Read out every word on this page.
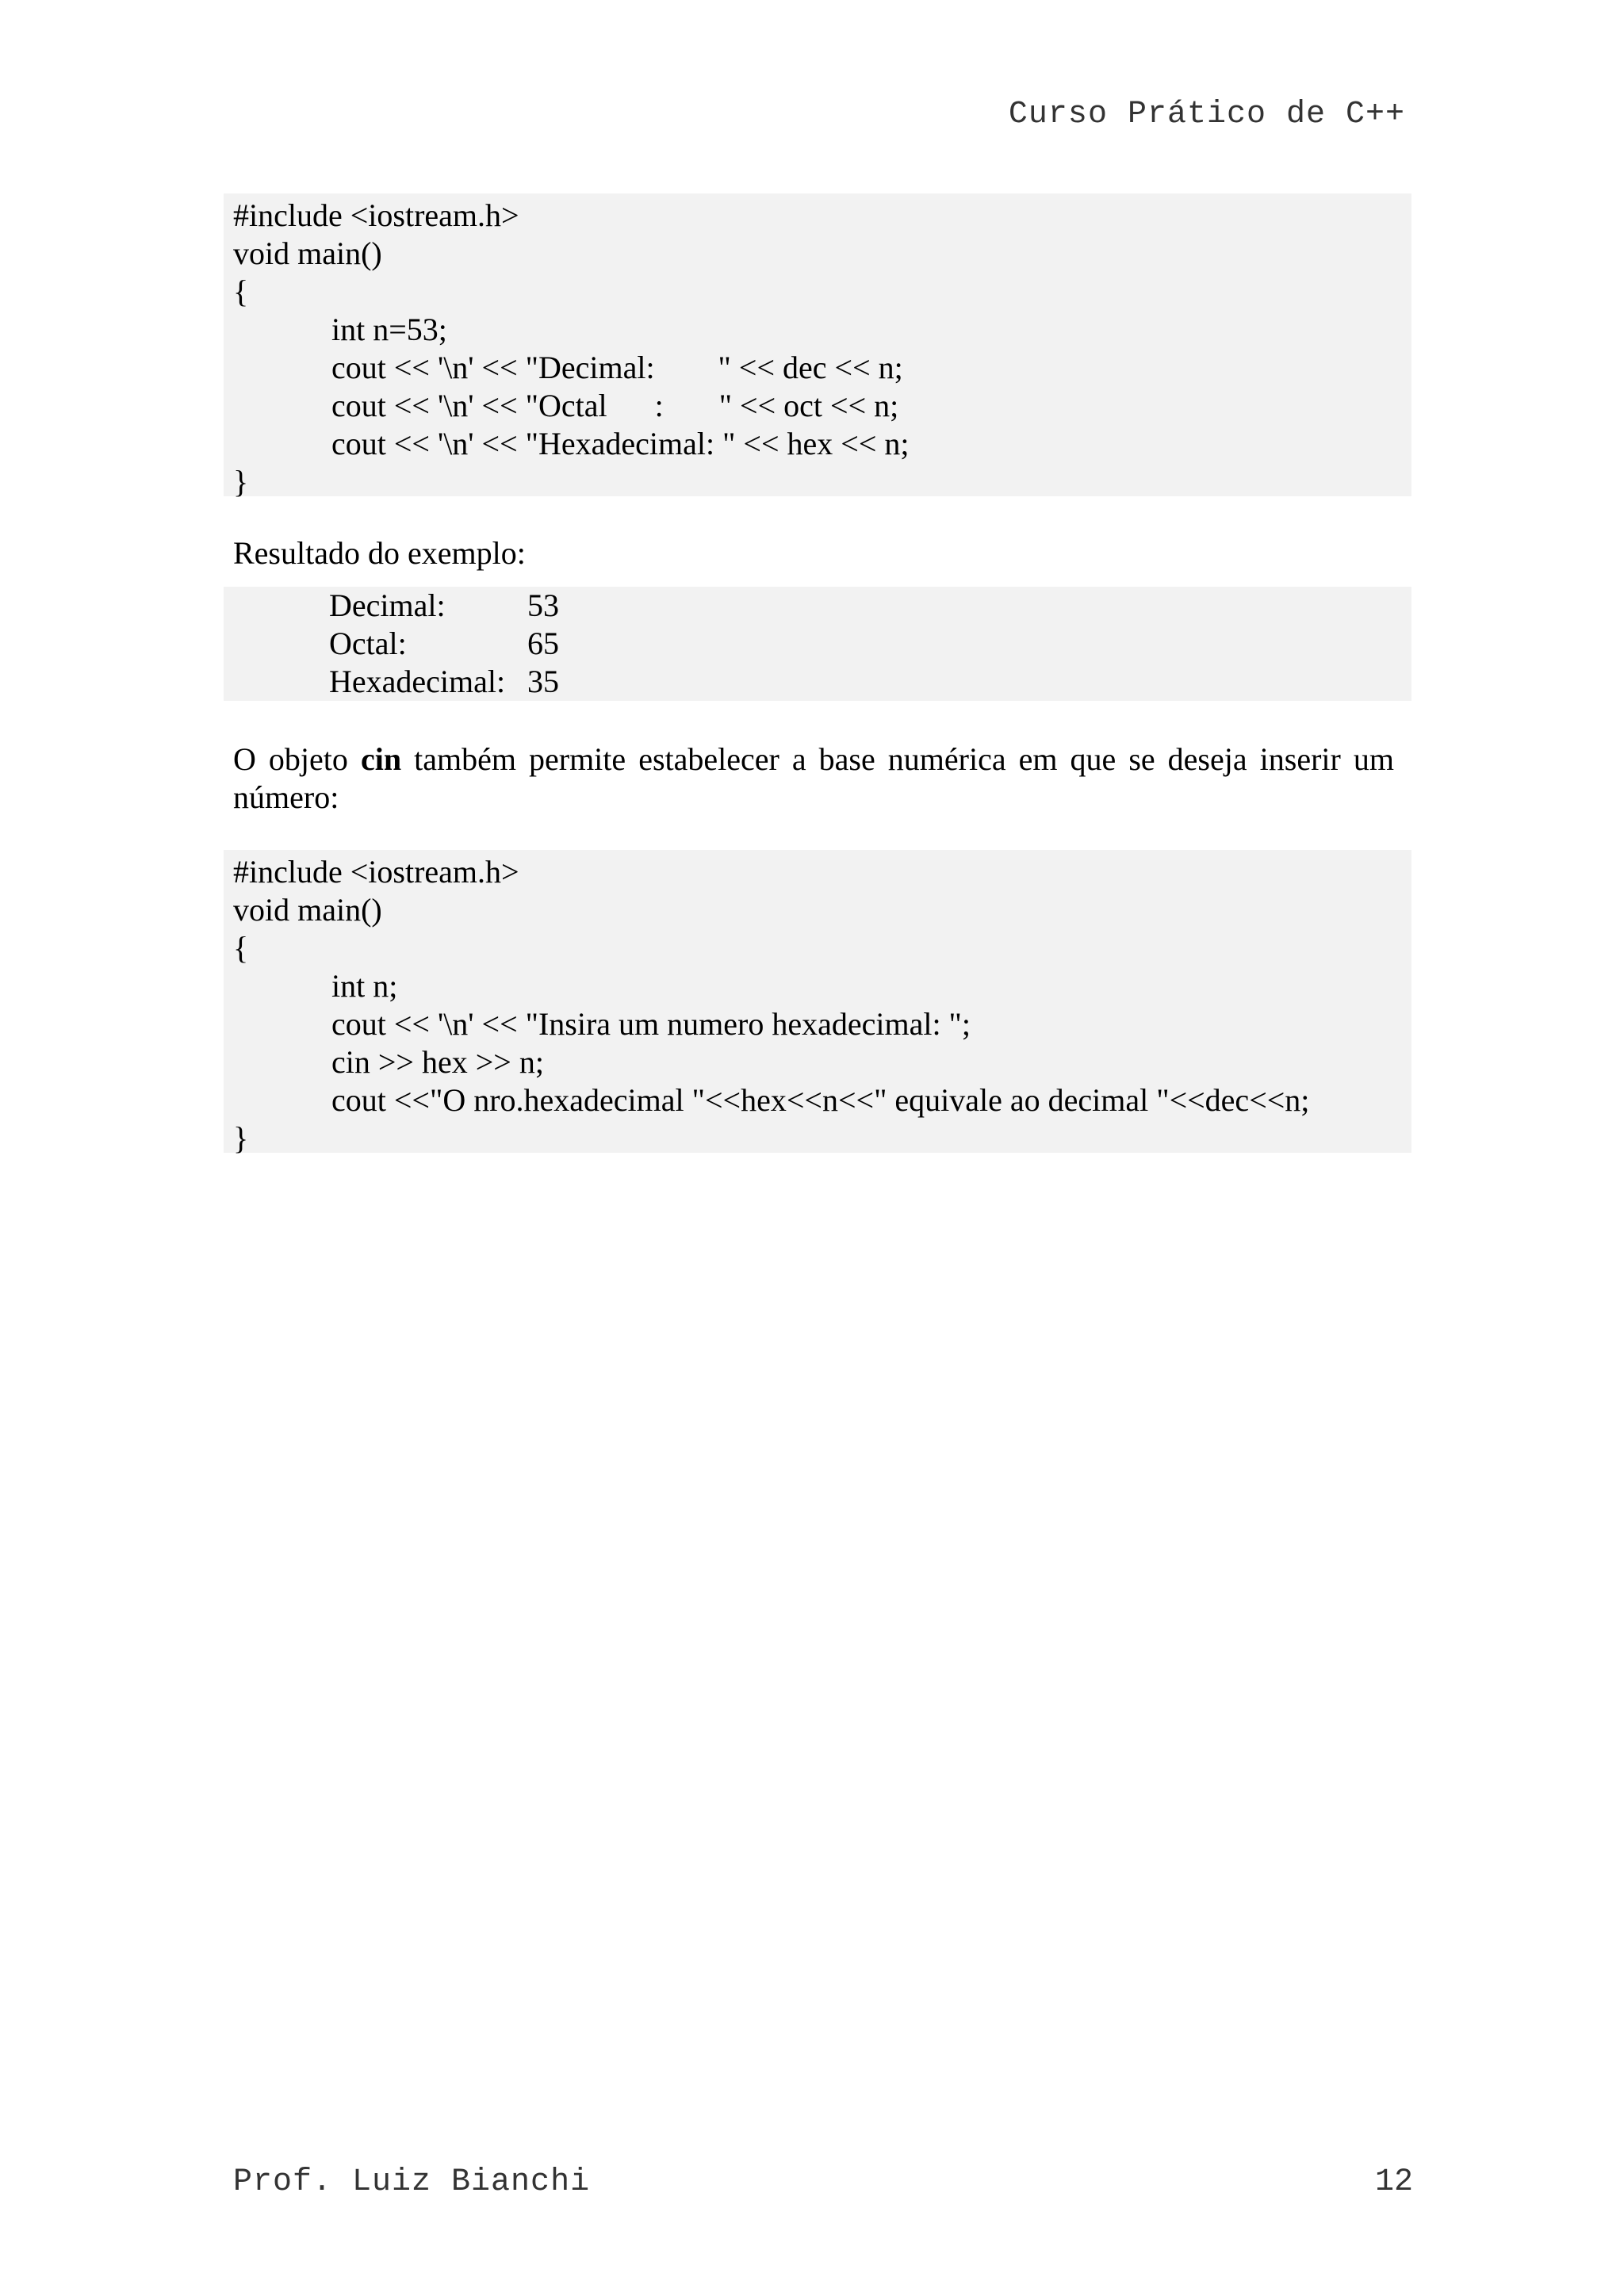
Curso Prático de C++
#include <iostream.h>
void main()
{
int n=53;
cout << '\n' << "Decimal:        " << dec << n;
cout << '\n' << "Octal      :       " << oct << n;
cout << '\n' << "Hexadecimal: " << hex << n;
}
Resultado do exemplo:
Decimal:	53
Octal:	65
Hexadecimal: 35
O objeto cin também permite estabelecer a base numérica em que se deseja inserir um número:
#include <iostream.h>
void main()
{
int n;
cout << '\n' << "Insira um numero hexadecimal: ";
cin >> hex >> n;
cout <<"O nro.hexadecimal "<<hex<<n<<" equivale ao decimal "<<dec<<n;
}
Prof. Luiz Bianchi	12
